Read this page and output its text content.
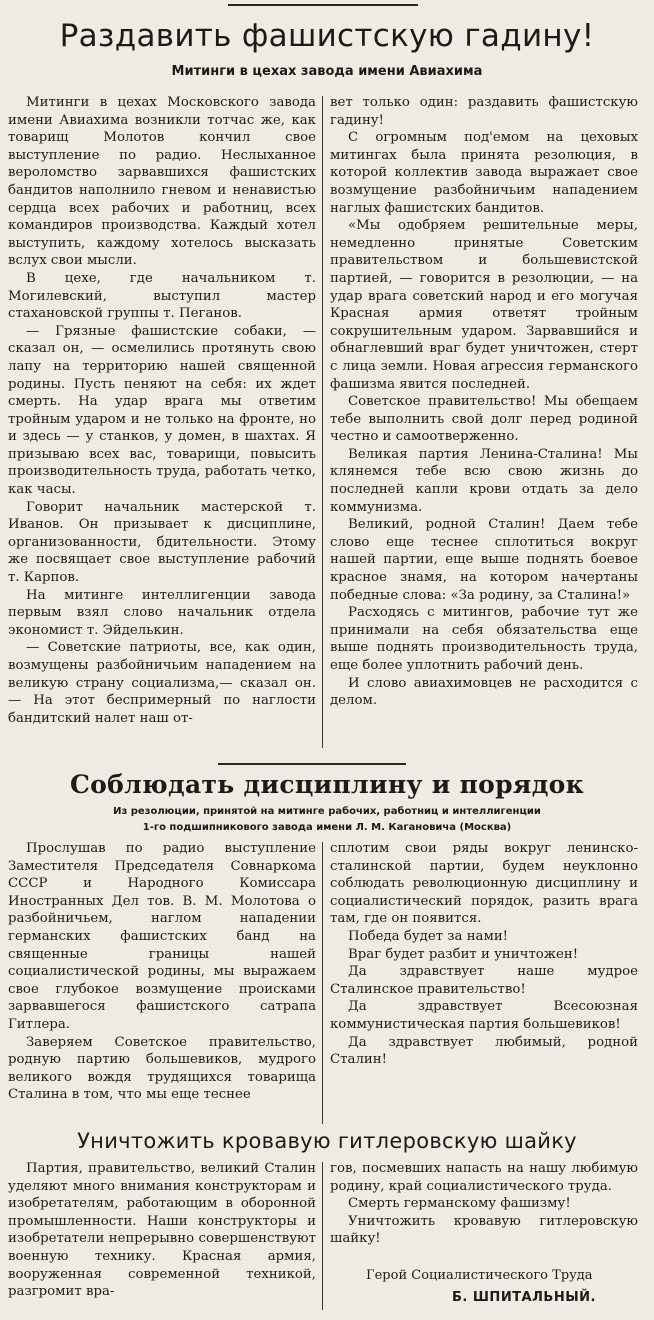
Раздавить фашистскую гадину!
Митинги в цехах завода имени Авиахима

Митинги в цехах Московского завода имени Авиахима возникли тотчас же, как товарищ Молотов кончил свое выступление по радио. Неслыханное вероломство зарвавшихся фашистских бандитов наполнило гневом и ненавистью сердца всех рабочих и работниц, всех командиров производства. Каждый хотел выступить, каждому хотелось высказать вслух свои мысли.

В цехе, где начальником т. Могилевский, выступил мастер стахановской группы т. Пеганов.

— Грязные фашистские собаки, — сказал он, — осмелились протянуть свою лапу на территорию нашей священной родины. Пусть пеняют на себя: их ждет смерть. На удар врага мы ответим тройным ударом и не только на фронте, но и здесь — у станков, у домен, в шахтах. Я призываю всех вас, товарищи, повысить производительность труда, работать четко, как часы.

Говорит начальник мастерской т. Иванов. Он призывает к дисциплине, организованности, бдительности. Этому же посвящает свое выступление рабочий т. Карпов.

На митинге интеллигенции завода первым взял слово начальник отдела экономист т. Эйделькин.

— Советские патриоты, все, как один, возмущены разбойничьим нападением на великую страну социализма,— сказал он. — На этот беспримерный по наглости бандитский налет наш от-

вет только один: раздавить фашистскую гадину!

С огромным под'емом на цеховых митингах была принята резолюция, в которой коллектив завода выражает свое возмущение разбойничьим нападением наглых фашистских бандитов.

«Мы одобряем решительные меры, немедленно принятые Советским правительством и большевистской партией, — говорится в резолюции, — на удар врага советский народ и его могучая Красная армия ответят тройным сокрушительным ударом. Зарвавшийся и обнаглевший враг будет уничтожен, стерт с лица земли. Новая агрессия германского фашизма явится последней.

Советское правительство! Мы обещаем тебе выполнить свой долг перед родиной честно и самоотверженно.

Великая партия Ленина-Сталина! Мы клянемся тебе всю свою жизнь до последней капли крови отдать за дело коммунизма.

Великий, родной Сталин! Даем тебе слово еще теснее сплотиться вокруг нашей партии, еще выше поднять боевое красное знамя, на котором начертаны победные слова: «За родину, за Сталина!»

Расходясь с митингов, рабочие тут же принимали на себя обязательства еще выше поднять производительность труда, еще более уплотнить рабочий день.

И слово авиахимовцев не расходится с делом.

Соблюдать дисциплину и порядок
Из резолюции, принятой на митинге рабочих, работниц и интеллигенции
1-го подшипникового завода имени Л. М. Кагановича (Москва)

Прослушав по радио выступление Заместителя Председателя Совнаркома СССР и Народного Комиссара Иностранных Дел тов. В. М. Молотова о разбойничьем, наглом нападении германских фашистских банд на священные границы нашей социалистической родины, мы выражаем свое глубокое возмущение происками зарвавшегося фашистского сатрапа Гитлера.

Заверяем Советское правительство, родную партию большевиков, мудрого великого вождя трудящихся товарища Сталина в том, что мы еще теснее

сплотим свои ряды вокруг ленинско-сталинской партии, будем неуклонно соблюдать революционную дисциплину и социалистический порядок, разить врага там, где он появится.

Победа будет за нами!

Враг будет разбит и уничтожен!

Да здравствует наше мудрое Сталинское правительство!

Да здравствует Всесоюзная коммунистическая партия большевиков!

Да здравствует любимый, родной Сталин!

Уничтожить кровавую гитлеровскую шайку

Партия, правительство, великий Сталин уделяют много внимания конструкторам и изобретателям, работающим в оборонной промышленности. Наши конструкторы и изобретатели непрерывно совершенствуют военную технику. Красная армия, вооруженная современной техникой, разгромит вра-

гов, посмевших напасть на нашу любимую родину, край социалистического труда.

Смерть германскому фашизму!

Уничтожить кровавую гитлеровскую шайку!

Герой Социалистического Труда
Б. ШПИТАЛЬНЫЙ.
